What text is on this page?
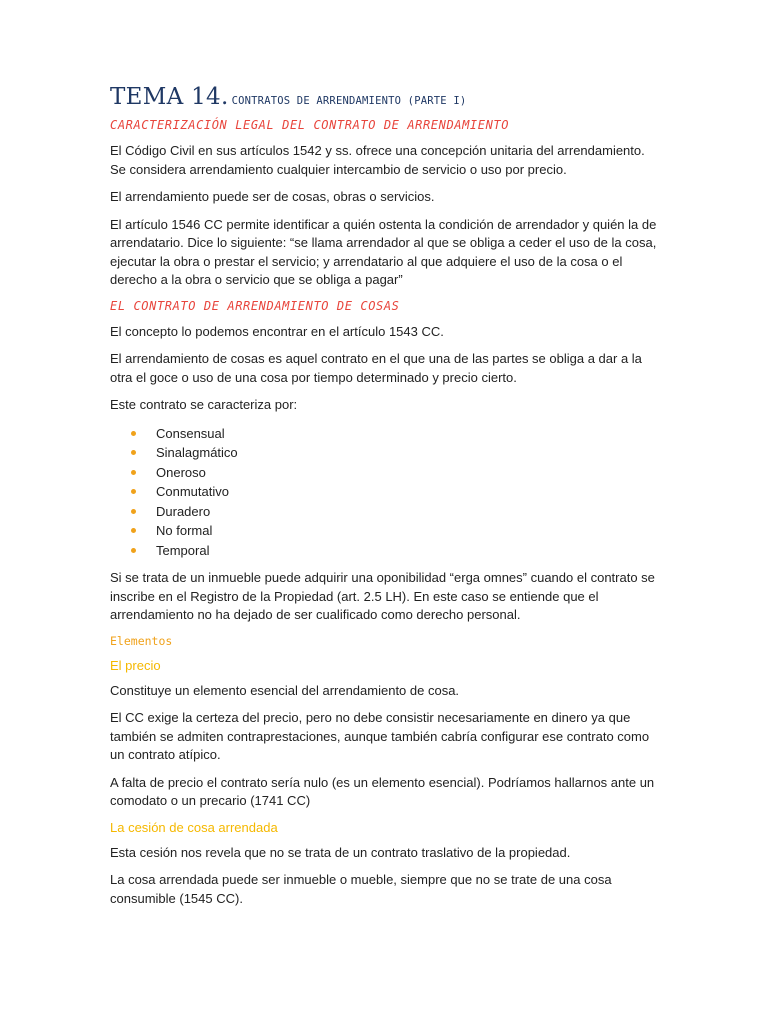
TEMA 14. CONTRATOS DE ARRENDAMIENTO (PARTE I)
CARACTERIZACIÓN LEGAL DEL CONTRATO DE ARRENDAMIENTO

El Código Civil en sus artículos 1542 y ss. ofrece una concepción unitaria del arrendamiento. Se considera arrendamiento cualquier intercambio de servicio o uso por precio.

El arrendamiento puede ser de cosas, obras o servicios.

El artículo 1546 CC permite identificar a quién ostenta la condición de arrendador y quién la de arrendatario. Dice lo siguiente: “se llama arrendador al que se obliga a ceder el uso de la cosa, ejecutar la obra o prestar el servicio; y arrendatario al que adquiere el uso de la cosa o el derecho a la obra o servicio que se obliga a pagar”

EL CONTRATO DE ARRENDAMIENTO DE COSAS

El concepto lo podemos encontrar en el artículo 1543 CC.

El arrendamiento de cosas es aquel contrato en el que una de las partes se obliga a dar a la otra el goce o uso de una cosa por tiempo determinado y precio cierto.

Este contrato se caracteriza por:

Consensual
Sinalagmático
Oneroso
Conmutativo
Duradero
No formal
Temporal

Si se trata de un inmueble puede adquirir una oponibilidad “erga omnes” cuando el contrato se inscribe en el Registro de la Propiedad (art. 2.5 LH). En este caso se entiende que el arrendamiento no ha dejado de ser cualificado como derecho personal.

Elementos
El precio

Constituye un elemento esencial del arrendamiento de cosa.

El CC exige la certeza del precio, pero no debe consistir necesariamente en dinero ya que también se admiten contraprestaciones, aunque también cabría configurar ese contrato como un contrato atípico.

A falta de precio el contrato sería nulo (es un elemento esencial). Podríamos hallarnos ante un comodato o un precario (1741 CC)

La cesión de cosa arrendada

Esta cesión nos revela que no se trata de un contrato traslativo de la propiedad.

La cosa arrendada puede ser inmueble o mueble, siempre que no se trate de una cosa consumible (1545 CC).
